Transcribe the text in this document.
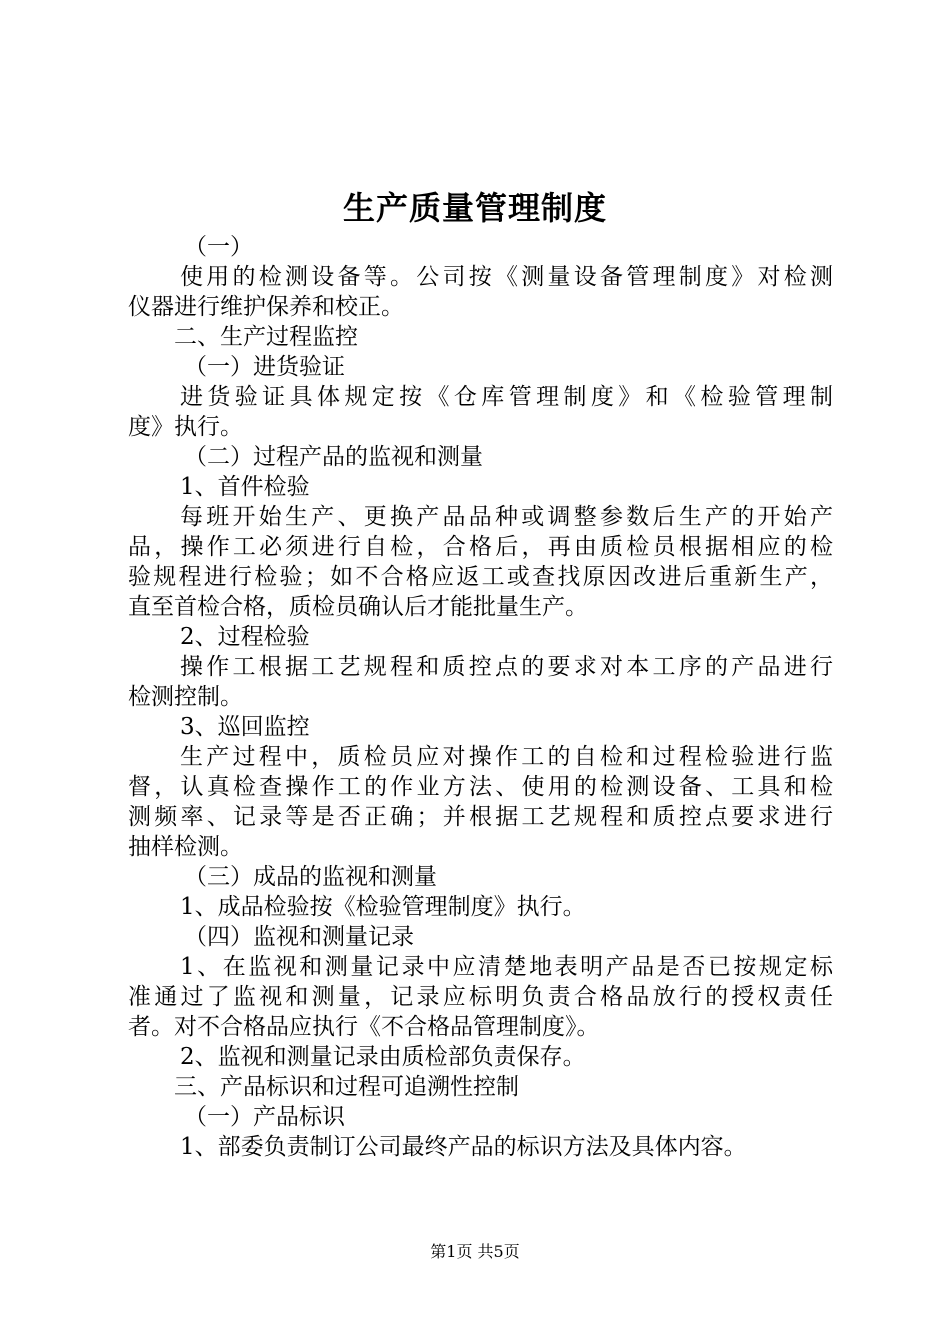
生产质量管理制度
（一）
使用的检测设备等。公司按《测量设备管理制度》对检测
仪器进行维护保养和校正。
二、生产过程监控
（一）进货验证
进货验证具体规定按《仓库管理制度》和《检验管理制
度》执行。
（二）过程产品的监视和测量
1、首件检验
每班开始生产、更换产品品种或调整参数后生产的开始产
品，操作工必须进行自检，合格后，再由质检员根据相应的检
验规程进行检验；如不合格应返工或查找原因改进后重新生产，
直至首检合格，质检员确认后才能批量生产。
2、过程检验
操作工根据工艺规程和质控点的要求对本工序的产品进行
检测控制。
3、巡回监控
生产过程中，质检员应对操作工的自检和过程检验进行监
督，认真检查操作工的作业方法、使用的检测设备、工具和检
测频率、记录等是否正确；并根据工艺规程和质控点要求进行
抽样检测。
（三）成品的监视和测量
1、成品检验按《检验管理制度》执行。
（四）监视和测量记录
1、在监视和测量记录中应清楚地表明产品是否已按规定标
准通过了监视和测量，记录应标明负责合格品放行的授权责任
者。对不合格品应执行《不合格品管理制度》。
2、监视和测量记录由质检部负责保存。
三、产品标识和过程可追溯性控制
（一）产品标识
1、部委负责制订公司最终产品的标识方法及具体内容。
第1页 共5页
